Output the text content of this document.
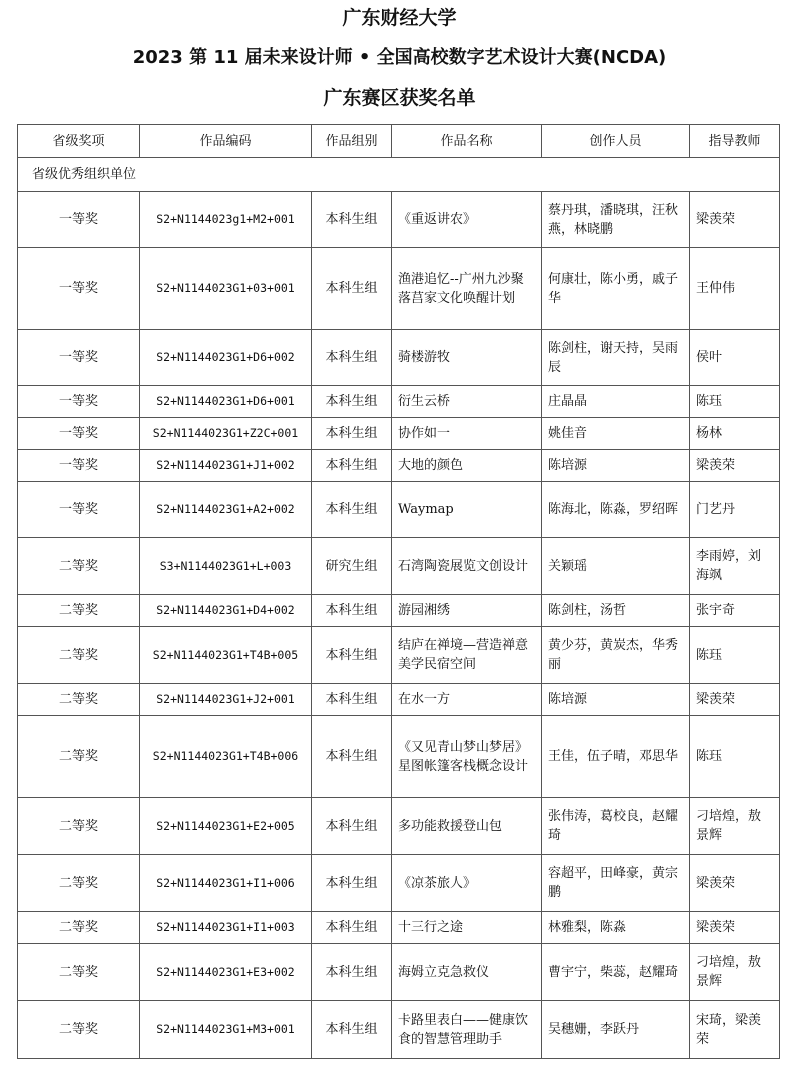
广东财经大学
2023 第 11 届未来设计师 • 全国高校数字艺术设计大赛(NCDA)
广东赛区获奖名单
省级奖项	作品编码	作品组别	作品名称	创作人员	指导教师
省级优秀组织单位					
一等奖	S2+N1144023g1+M2+001	本科生组	《重返讲农》	蔡丹琪，潘晓琪，汪秋燕，林晓鹏	梁羡荣
一等奖	S2+N1144023G1+03+001	本科生组	渔港追忆--广州九沙聚落莒家文化唤醒计划	何康壮，陈小勇，戚子华	王仲伟
一等奖	S2+N1144023G1+D6+002	本科生组	骑楼游牧	陈剑柱，谢天持，吴雨辰	侯叶
一等奖	S2+N1144023G1+D6+001	本科生组	衍生云桥	庄晶晶	陈珏
一等奖	S2+N1144023G1+Z2C+001	本科生组	协作如一	姚佳音	杨林
一等奖	S2+N1144023G1+J1+002	本科生组	大地的颜色	陈培源	梁羡荣
一等奖	S2+N1144023G1+A2+002	本科生组	Waymap	陈海北，陈淼，罗绍晖	门艺丹
二等奖	S3+N1144023G1+L+003	研究生组	石湾陶瓷展览文创设计	关颖瑶	李雨婷，刘海飒
二等奖	S2+N1144023G1+D4+002	本科生组	游园湘绣	陈剑柱，汤哲	张宇奇
二等奖	S2+N1144023G1+T4B+005	本科生组	结庐在禅境—营造禅意美学民宿空间	黄少芬，黄炭杰，华秀丽	陈珏
二等奖	S2+N1144023G1+J2+001	本科生组	在水一方	陈培源	梁羡荣
二等奖	S2+N1144023G1+T4B+006	本科生组	《又见青山梦山梦居》星图帐篷客栈概念设计	王佳，伍子晴，邓思华	陈珏
二等奖	S2+N1144023G1+E2+005	本科生组	多功能救援登山包	张伟涛，葛校良，赵耀琦	刁培煌，敖景辉
二等奖	S2+N1144023G1+I1+006	本科生组	《凉茶旅人》	容超平，田峰豪，黄宗鹏	梁羡荣
二等奖	S2+N1144023G1+I1+003	本科生组	十三行之途	林雅梨，陈淼	梁羡荣
二等奖	S2+N1144023G1+E3+002	本科生组	海姆立克急救仪	曹宇宁，柴蕊，赵耀琦	刁培煌，敖景辉
二等奖	S2+N1144023G1+M3+001	本科生组	卡路里表白——健康饮食的智慧管理助手	吴穗姗，李跃丹	宋琦，梁羡荣
